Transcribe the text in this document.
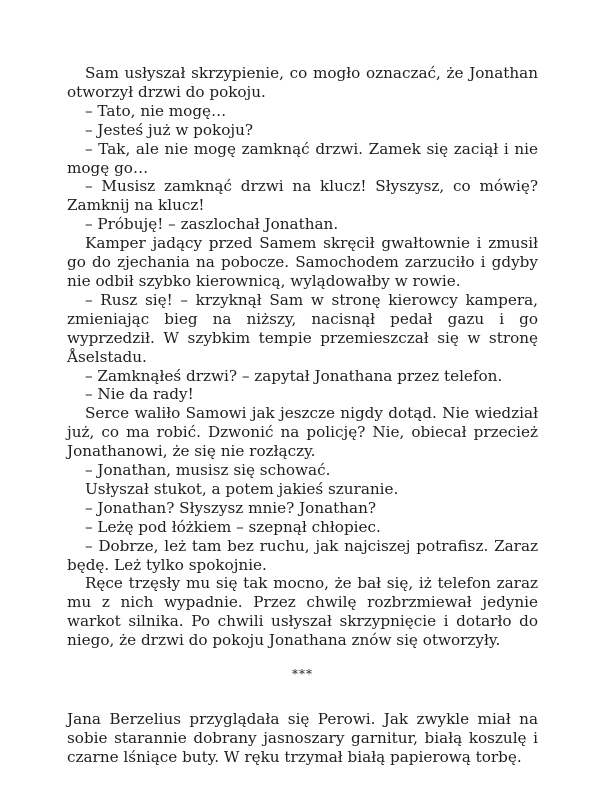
Sam usłyszał skrzypienie, co mogło oznaczać, że Jonathan otworzył drzwi do pokoju.

– Tato, nie mogę…

– Jesteś już w pokoju?

– Tak, ale nie mogę zamknąć drzwi. Zamek się zaciął i nie mogę go…

– Musisz zamknąć drzwi na klucz! Słyszysz, co mówię? Zamknij na klucz!

– Próbuję! – zaszlochał Jonathan.

Kamper jadący przed Samem skręcił gwałtownie i zmusił go do zjechania na pobocze. Samochodem zarzuciło i gdyby nie odbił szybko kierownicą, wylądowałby w rowie.

– Rusz się! – krzyknął Sam w stronę kierowcy kampera, zmieniając bieg na niższy, nacisnął pedał gazu i go wyprzedził. W szybkim tempie przemieszczał się w stronę Åselstadu.

– Zamknąłeś drzwi? – zapytał Jonathana przez telefon.

– Nie da rady!

Serce waliło Samowi jak jeszcze nigdy dotąd. Nie wiedział już, co ma robić. Dzwonić na policję? Nie, obiecał przecież Jonathanowi, że się nie rozłączy.

– Jonathan, musisz się schować.

Usłyszał stukot, a potem jakieś szuranie.

– Jonathan? Słyszysz mnie? Jonathan?

– Leżę pod łóżkiem – szepnął chłopiec.

– Dobrze, leż tam bez ruchu, jak najciszej potrafisz. Zaraz będę. Leż tylko spokojnie.

Ręce trzęsły mu się tak mocno, że bał się, iż telefon zaraz mu z nich wypadnie. Przez chwilę rozbrzmiewał jedynie warkot silnika. Po chwili usłyszał skrzypnięcie i dotarło do niego, że drzwi do pokoju Jonathana znów się otworzyły.

***

Jana Berzelius przyglądała się Perowi. Jak zwykle miał na sobie starannie dobrany jasnoszary garnitur, białą koszulę i czarne lśniące buty. W ręku trzymał białą papierową torbę.
